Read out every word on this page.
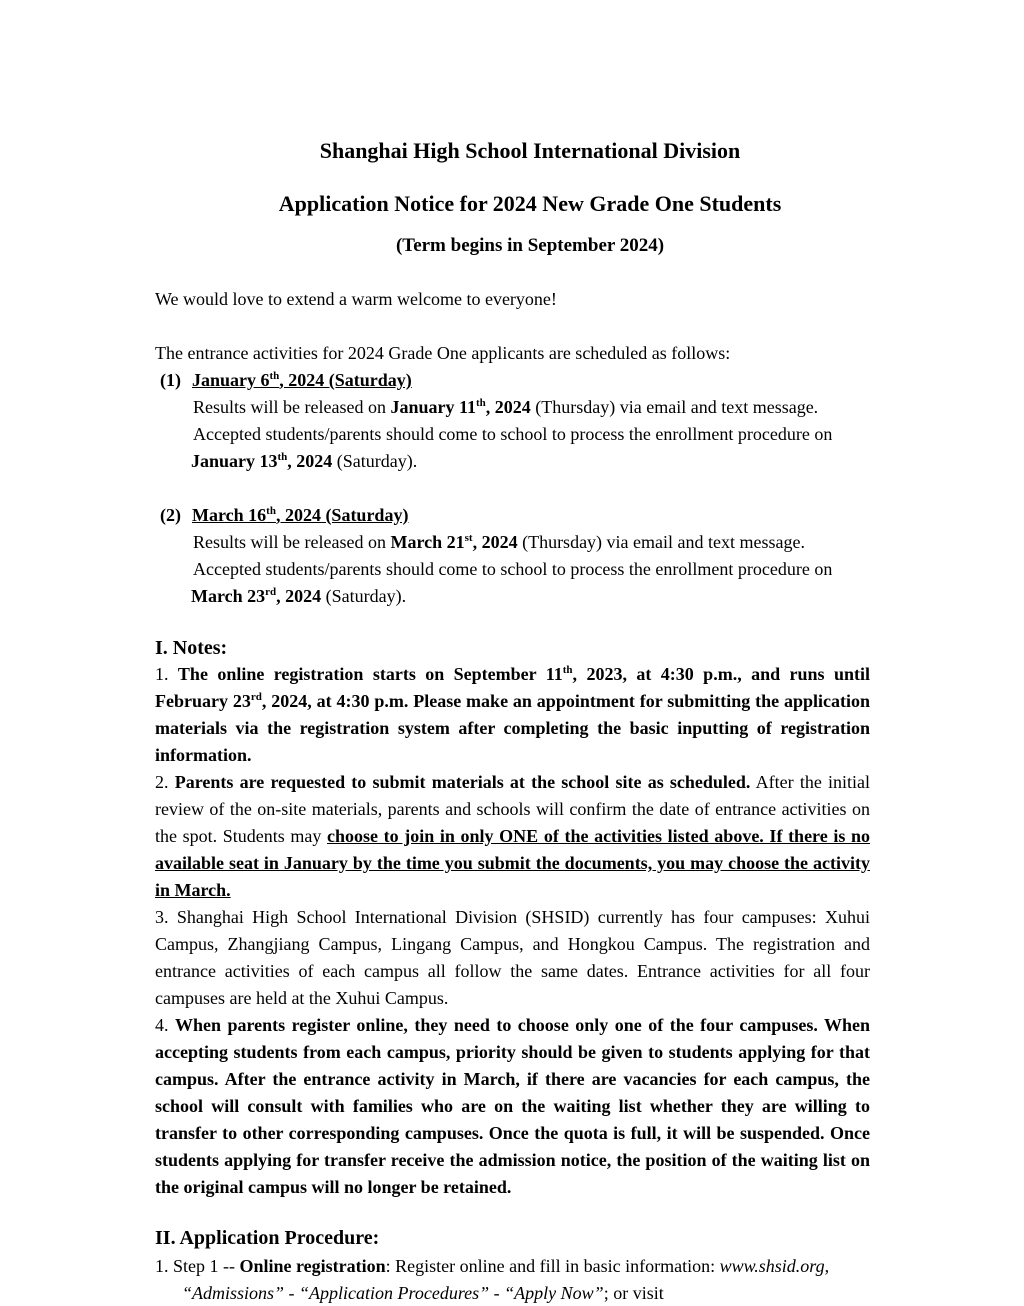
Shanghai High School International Division
Application Notice for 2024 New Grade One Students
(Term begins in September 2024)
We would love to extend a warm welcome to everyone!
The entrance activities for 2024 Grade One applicants are scheduled as follows:
(1) January 6th, 2024 (Saturday)
Results will be released on January 11th, 2024 (Thursday) via email and text message.
Accepted students/parents should come to school to process the enrollment procedure on
January 13th, 2024 (Saturday).
(2) March 16th, 2024 (Saturday)
Results will be released on March 21st, 2024 (Thursday) via email and text message.
Accepted students/parents should come to school to process the enrollment procedure on
March 23rd, 2024 (Saturday).
I. Notes:
1. The online registration starts on September 11th, 2023, at 4:30 p.m., and runs until February 23rd, 2024, at 4:30 p.m. Please make an appointment for submitting the application materials via the registration system after completing the basic inputting of registration information.
2. Parents are requested to submit materials at the school site as scheduled. After the initial review of the on-site materials, parents and schools will confirm the date of entrance activities on the spot. Students may choose to join in only ONE of the activities listed above. If there is no available seat in January by the time you submit the documents, you may choose the activity in March.
3. Shanghai High School International Division (SHSID) currently has four campuses: Xuhui Campus, Zhangjiang Campus, Lingang Campus, and Hongkou Campus. The registration and entrance activities of each campus all follow the same dates. Entrance activities for all four campuses are held at the Xuhui Campus.
4. When parents register online, they need to choose only one of the four campuses. When accepting students from each campus, priority should be given to students applying for that campus. After the entrance activity in March, if there are vacancies for each campus, the school will consult with families who are on the waiting list whether they are willing to transfer to other corresponding campuses. Once the quota is full, it will be suspended. Once students applying for transfer receive the admission notice, the position of the waiting list on the original campus will no longer be retained.
II. Application Procedure:
1. Step 1 -- Online registration: Register online and fill in basic information: www.shsid.org,
“Admissions” - “Application Procedures” - “Apply Now”; or visit
